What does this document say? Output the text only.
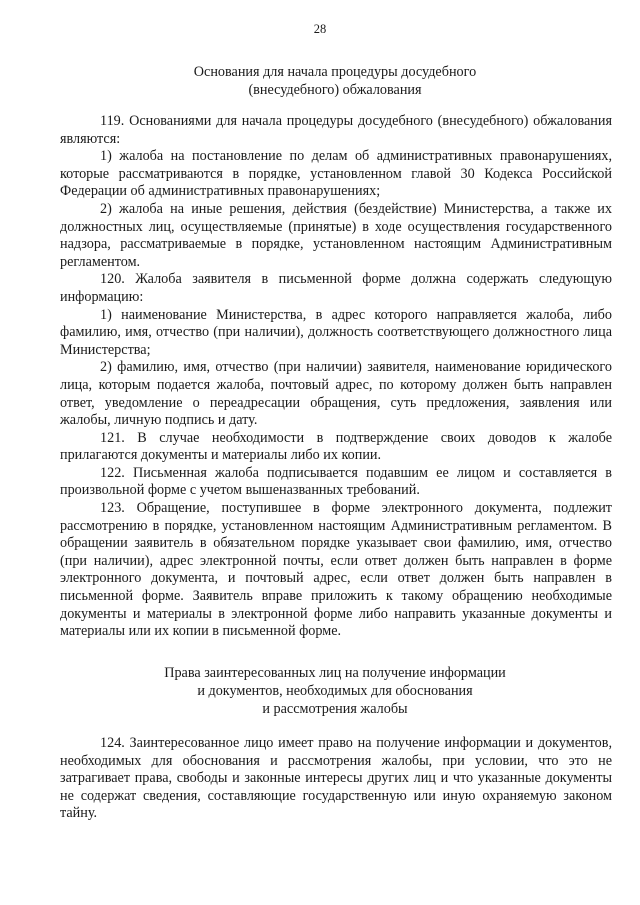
28
Основания для начала процедуры досудебного
(внесудебного) обжалования

119. Основаниями для начала процедуры досудебного (внесудебного) обжалования являются:

1) жалоба на постановление по делам об административных правонарушениях, которые рассматриваются в порядке, установленном главой 30 Кодекса Российской Федерации об административных правонарушениях;

2) жалоба на иные решения, действия (бездействие) Министерства, а также их должностных лиц, осуществляемые (принятые) в ходе осуществления государственного надзора, рассматриваемые в порядке, установленном настоящим Административным регламентом.

120. Жалоба заявителя в письменной форме должна содержать следующую информацию:

1) наименование Министерства, в адрес которого направляется жалоба, либо фамилию, имя, отчество (при наличии), должность соответствующего должностного лица Министерства;

2) фамилию, имя, отчество (при наличии) заявителя, наименование юридического лица, которым подается жалоба, почтовый адрес, по которому должен быть направлен ответ, уведомление о переадресации обращения, суть предложения, заявления или жалобы, личную подпись и дату.

121. В случае необходимости в подтверждение своих доводов к жалобе прилагаются документы и материалы либо их копии.

122. Письменная жалоба подписывается подавшим ее лицом и составляется в произвольной форме с учетом вышеназванных требований.

123. Обращение, поступившее в форме электронного документа, подлежит рассмотрению в порядке, установленном настоящим Административным регламентом. В обращении заявитель в обязательном порядке указывает свои фамилию, имя, отчество (при наличии), адрес электронной почты, если ответ должен быть направлен в форме электронного документа, и почтовый адрес, если ответ должен быть направлен в письменной форме. Заявитель вправе приложить к такому обращению необходимые документы и материалы в электронной форме либо направить указанные документы и материалы или их копии в письменной форме.

Права заинтересованных лиц на получение информации
и документов, необходимых для обоснования
и рассмотрения жалобы

124. Заинтересованное лицо имеет право на получение информации и документов, необходимых для обоснования и рассмотрения жалобы, при условии, что это не затрагивает права, свободы и законные интересы других лиц и что указанные документы не содержат сведения, составляющие государственную или иную охраняемую законом тайну.
